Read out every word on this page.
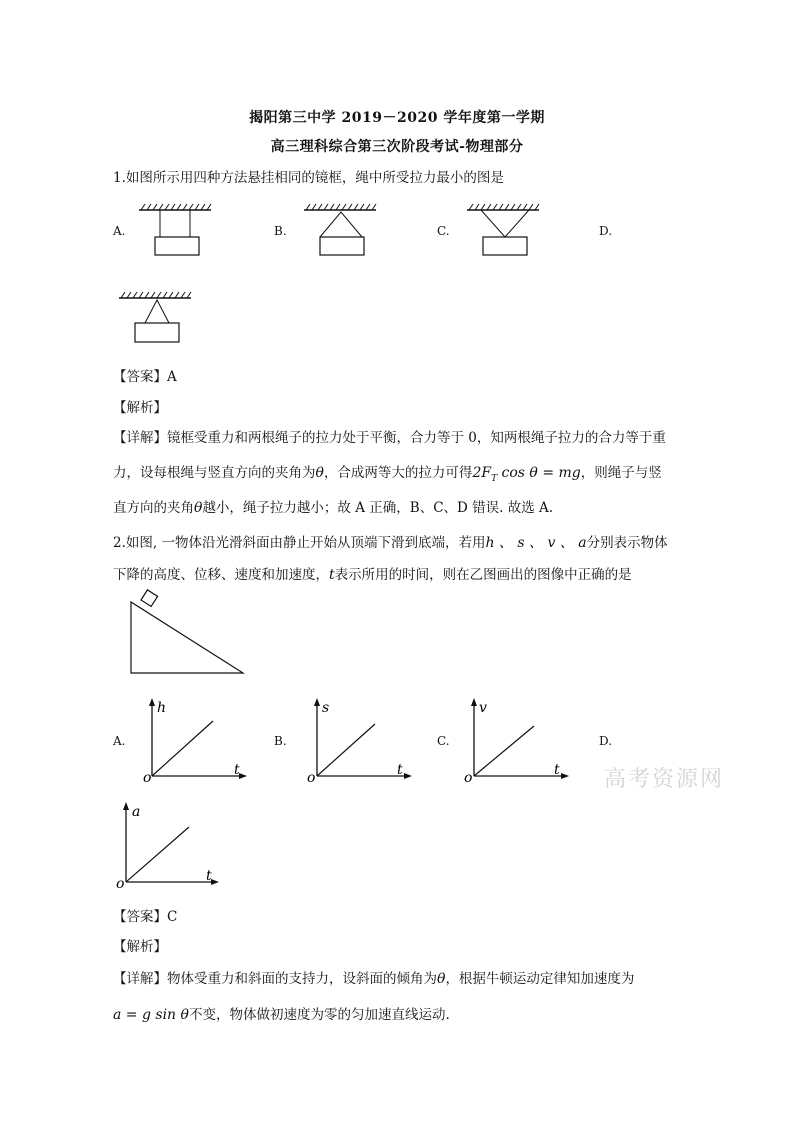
揭阳第三中学 2019－2020 学年度第一学期
高三理科综合第三次阶段考试-物理部分
1.如图所示用四种方法悬挂相同的镜框，绳中所受拉力最小的图是
A.	B.	C.	D.
【答案】A
【解析】
【详解】镜框受重力和两根绳子的拉力处于平衡，合力等于 0，知两根绳子拉力的合力等于重
力，设每根绳与竖直方向的夹角为θ，合成两等大的拉力可得$2F_T$ cos θ = mg，则绳子与竖
直方向的夹角θ越小，绳子拉力越小；故 A 正确，B、C、D 错误. 故选 A.
2.如图, 一物体沿光滑斜面由静止开始从顶端下滑到底端，若用h 、 s 、 v 、 a分别表示物体
下降的高度、位移、速度和加速度，t表示所用的时间，则在乙图画出的图像中正确的是
A.	B.	C.	D.
h
t
o
s
t
o
v
t
o	高考资源网
a
t
o
【答案】C
【解析】
【详解】物体受重力和斜面的支持力，设斜面的倾角为θ，根据牛顿运动定律知加速度为
a = g sin θ不变，物体做初速度为零的匀加速直线运动.
